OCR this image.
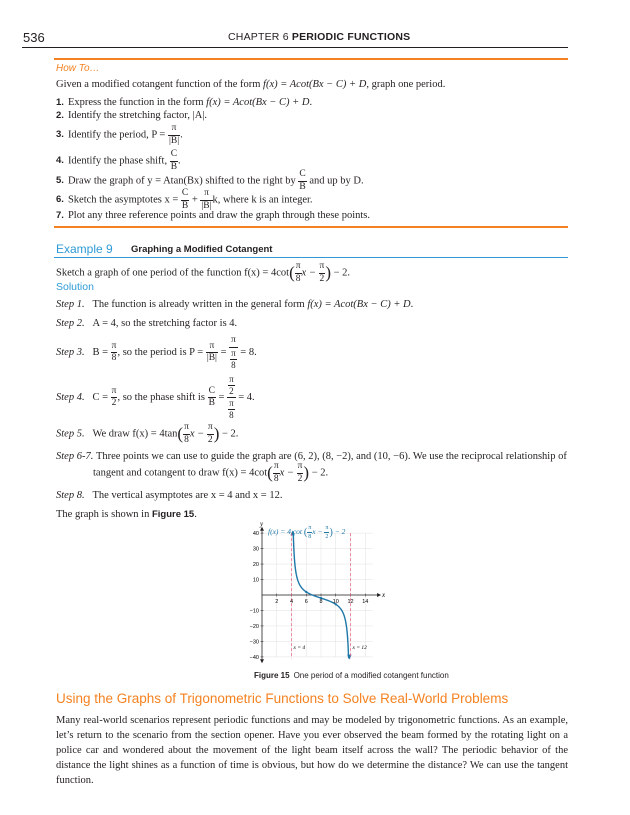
536	CHAPTER 6 PERIODIC FUNCTIONS
How To…
Given a modified cotangent function of the form f(x) = Acot(Bx − C) + D, graph one period.
1. Express the function in the form f(x) = Acot(Bx − C) + D.
2. Identify the stretching factor, |A|.
3. Identify the period, $P = \frac{\pi}{|B|}$ .
4. Identify the phase shift, $\frac{C}{B}$ .
5. Draw the graph of y = Atan(Bx) shifted to the right by $\frac{C}{B}$ and up by D.
6. Sketch the asymptotes $x = \frac{C}{B} + \frac{\pi}{|B|} k$, where k is an integer.
7. Plot any three reference points and draw the graph through these points.
Example 9 Graphing a Modified Cotangent
Sketch a graph of one period of the function $f(x) = 4\cot( \frac{\pi}{8}$ $x - \frac{\pi}{2}$ ) − 2.
Solution
Step 1. The function is already written in the general form f(x) = Acot(Bx − C) + D.
Step 2. A = 4, so the stretching factor is 4.
Step 3. $B = \frac{\pi}{8}$ , so the period is $P = \frac{\pi}{|B|} = \frac{\pi}{\frac{\pi}{8}} = 8$.
Step 4. $C = \frac{\pi}{2}$ , so the phase shift is $\frac{C}{B} = \frac{\frac{\pi}{2}}{\frac{\pi}{8}} = 4$.
Step 5. We draw $f(x) = 4\tan( \frac{\pi}{8}$ $x - \frac{\pi}{2}$ ) − 2.
Step 6-7. Three points we can use to guide the graph are (6, 2), (8, −2), and (10, −6). We use the reciprocal relationship of
tangent and cotangent to draw $f(x) = 4\cot( \frac{\pi}{8}$ $x - \frac{\pi}{2}$ ) − 2.
Step 8. The vertical asymptotes are x = 4 and x = 12.
The graph is shown in Figure 15.
x
y
2 4 6 8 10 12 14
40
30
20
10
−10
−20
−30
−40
x = 4	x = 12
f(x) = 4 cot ( $\frac{\pi}{8}$ $x - \frac{\pi}{2}$ ) − 2
Figure 15 One period of a modified cotangent function
Using the Graphs of Trigonometric Functions to Solve Real-World Problems
Many real-world scenarios represent periodic functions and may be modeled by trigonometric functions. As an example, let’s return to the scenario from the section opener. Have you ever observed the beam formed by the rotating light on a police car and wondered about the movement of the light beam itself across the wall? The periodic behavior of the distance the light shines as a function of time is obvious, but how do we determine the distance? We can use the tangent function.
